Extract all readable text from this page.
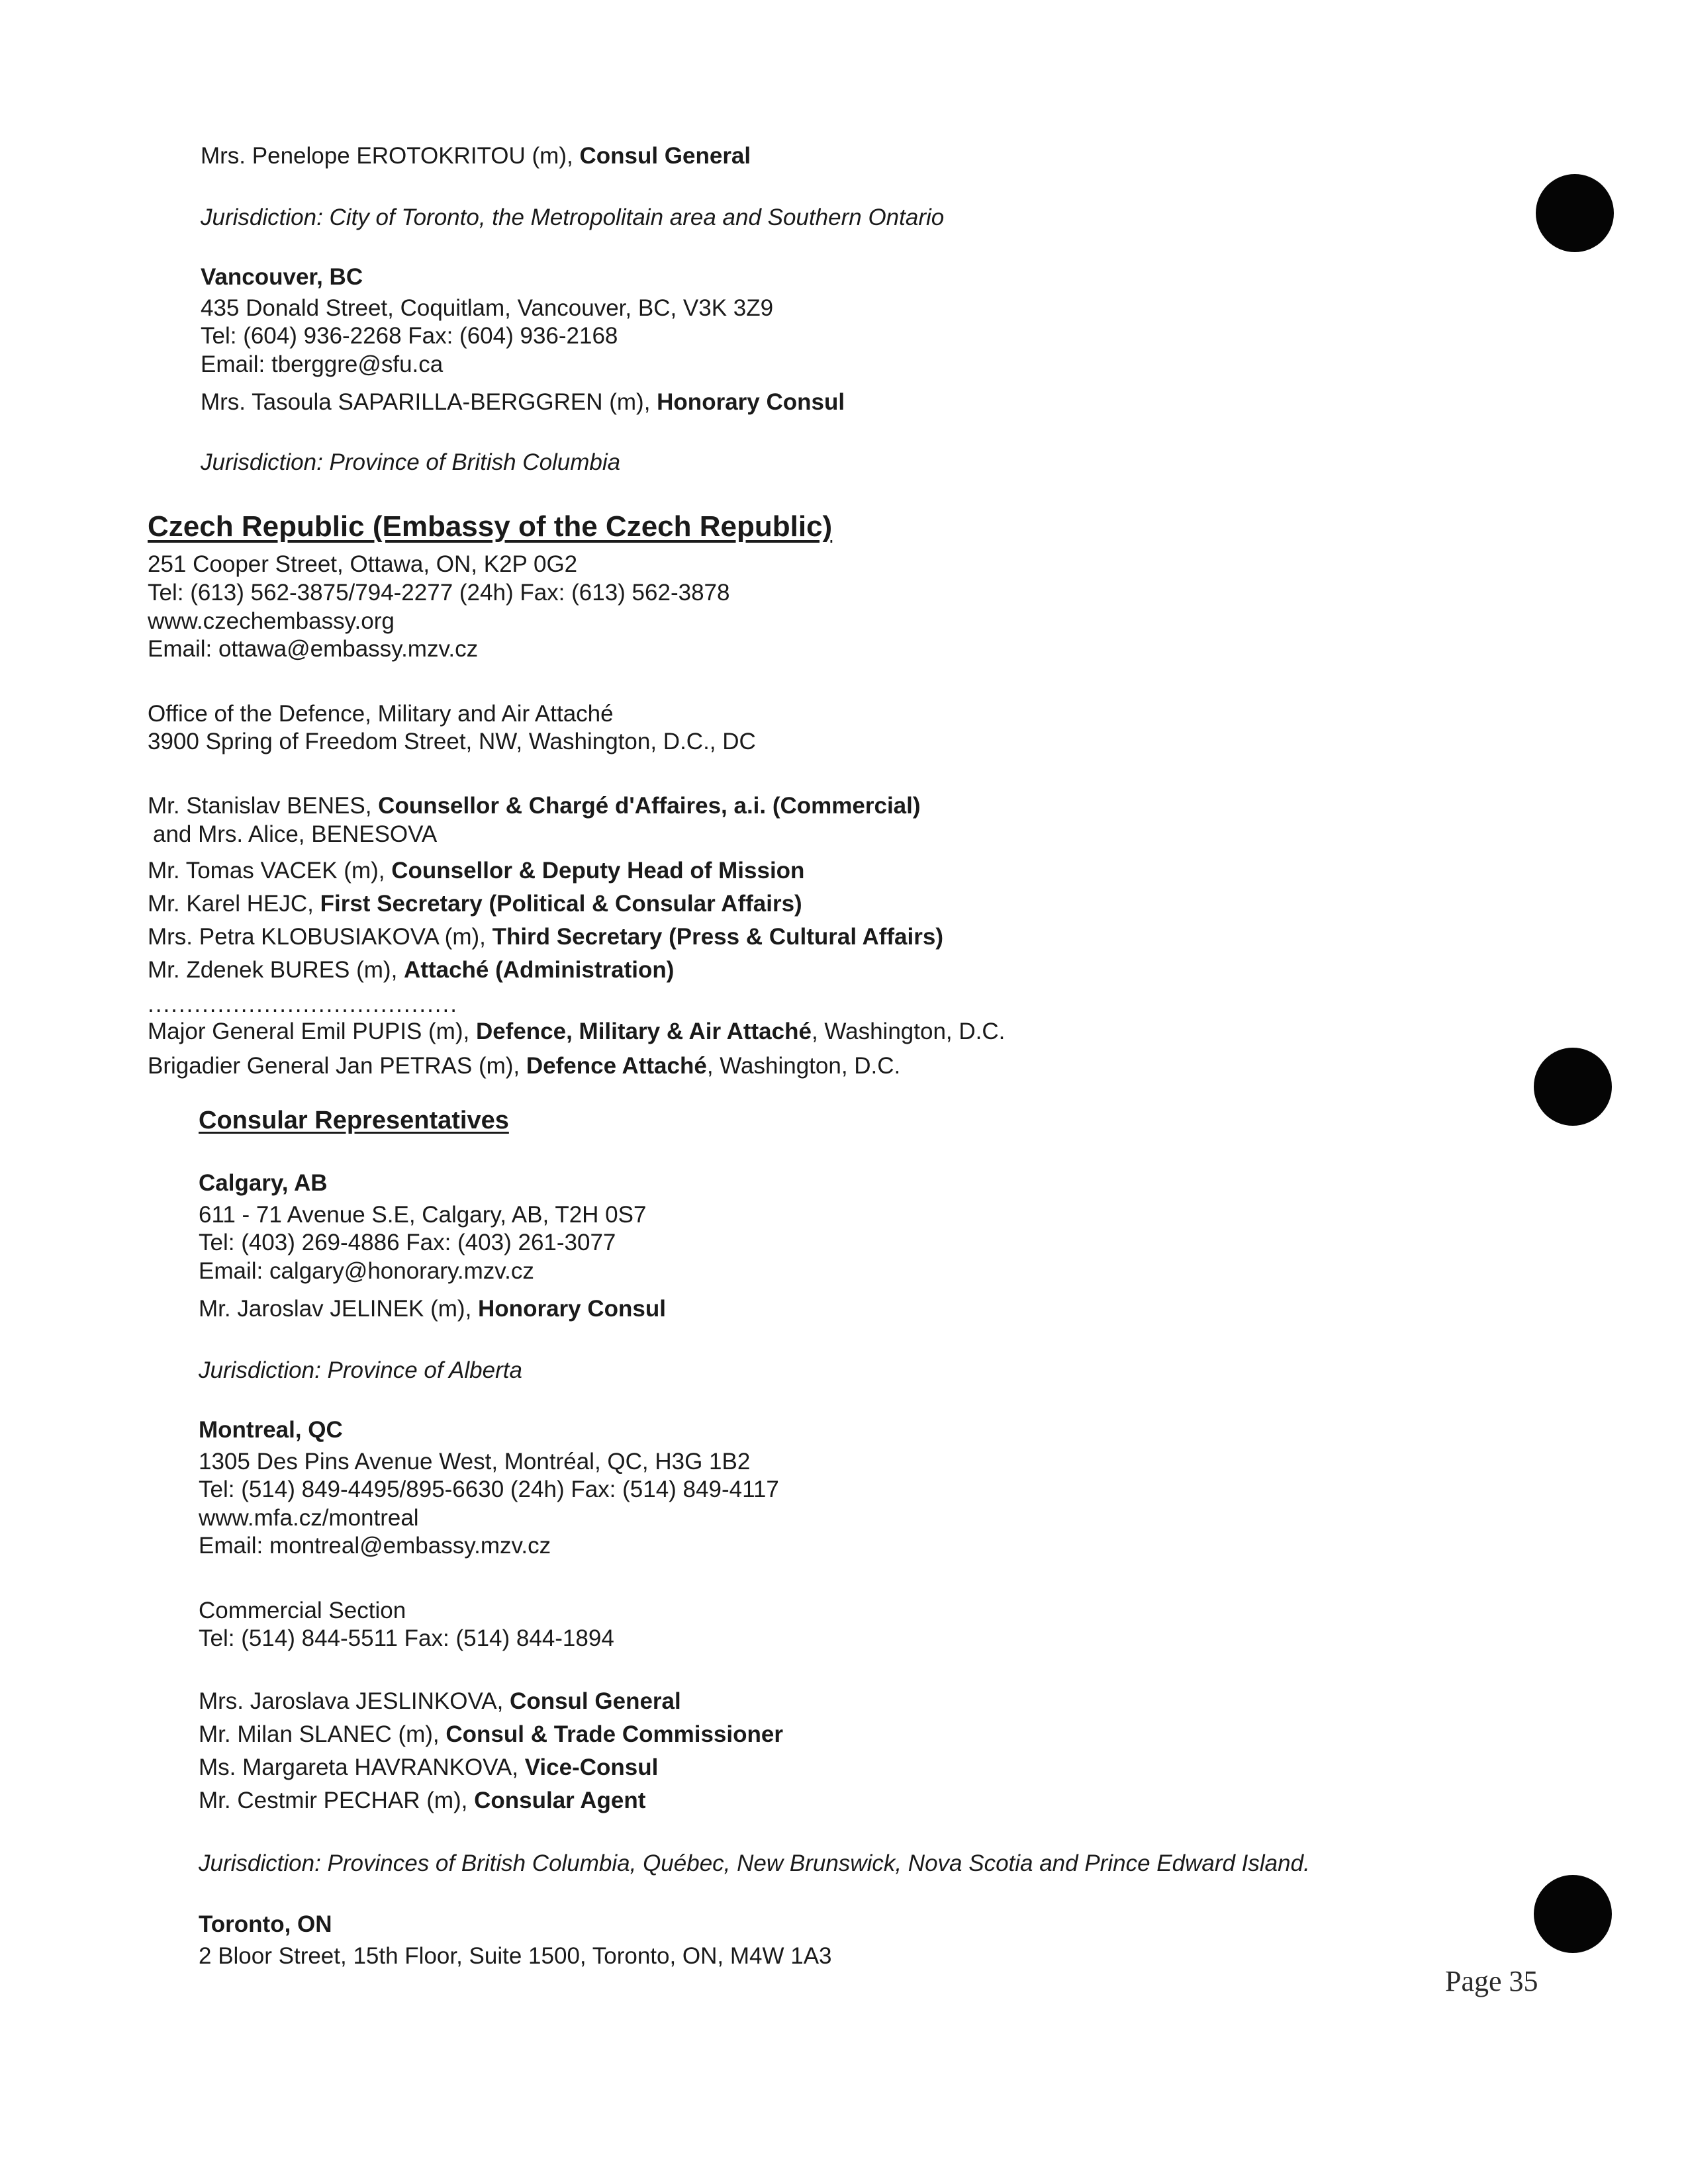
Mrs. Penelope EROTOKRITOU (m), Consul General
Jurisdiction: City of Toronto, the Metropolitain area and Southern Ontario
Vancouver, BC
435 Donald Street, Coquitlam, Vancouver, BC, V3K 3Z9
Tel: (604) 936-2268 Fax: (604) 936-2168
Email: tberggre@sfu.ca
Mrs. Tasoula SAPARILLA-BERGGREN (m), Honorary Consul
Jurisdiction: Province of British Columbia
Czech Republic (Embassy of the Czech Republic)
251 Cooper Street, Ottawa, ON, K2P 0G2
Tel: (613) 562-3875/794-2277 (24h) Fax: (613) 562-3878
www.czechembassy.org
Email: ottawa@embassy.mzv.cz
Office of the Defence, Military and Air Attaché
3900 Spring of Freedom Street, NW, Washington, D.C., DC
Mr. Stanislav BENES, Counsellor & Chargé d'Affaires, a.i. (Commercial)
and Mrs. Alice, BENESOVA
Mr. Tomas VACEK (m), Counsellor & Deputy Head of Mission
Mr. Karel HEJC, First Secretary (Political & Consular Affairs)
Mrs. Petra KLOBUSIAKOVA (m), Third Secretary (Press & Cultural Affairs)
Mr. Zdenek BURES (m), Attaché (Administration)
........................................
Major General Emil PUPIS (m), Defence, Military & Air Attaché, Washington, D.C.
Brigadier General Jan PETRAS (m), Defence Attaché, Washington, D.C.
Consular Representatives
Calgary, AB
611 - 71 Avenue S.E, Calgary, AB, T2H 0S7
Tel: (403) 269-4886 Fax: (403) 261-3077
Email: calgary@honorary.mzv.cz
Mr. Jaroslav JELINEK (m), Honorary Consul
Jurisdiction: Province of Alberta
Montreal, QC
1305 Des Pins Avenue West, Montréal, QC, H3G 1B2
Tel: (514) 849-4495/895-6630 (24h) Fax: (514) 849-4117
www.mfa.cz/montreal
Email: montreal@embassy.mzv.cz
Commercial Section
Tel: (514) 844-5511 Fax: (514) 844-1894
Mrs. Jaroslava JESLINKOVA, Consul General
Mr. Milan SLANEC (m), Consul & Trade Commissioner
Ms. Margareta HAVRANKOVA, Vice-Consul
Mr. Cestmir PECHAR (m), Consular Agent
Jurisdiction: Provinces of British Columbia, Québec, New Brunswick, Nova Scotia and Prince Edward Island.
Toronto, ON
2 Bloor Street, 15th Floor, Suite 1500, Toronto, ON, M4W 1A3
Page 35
